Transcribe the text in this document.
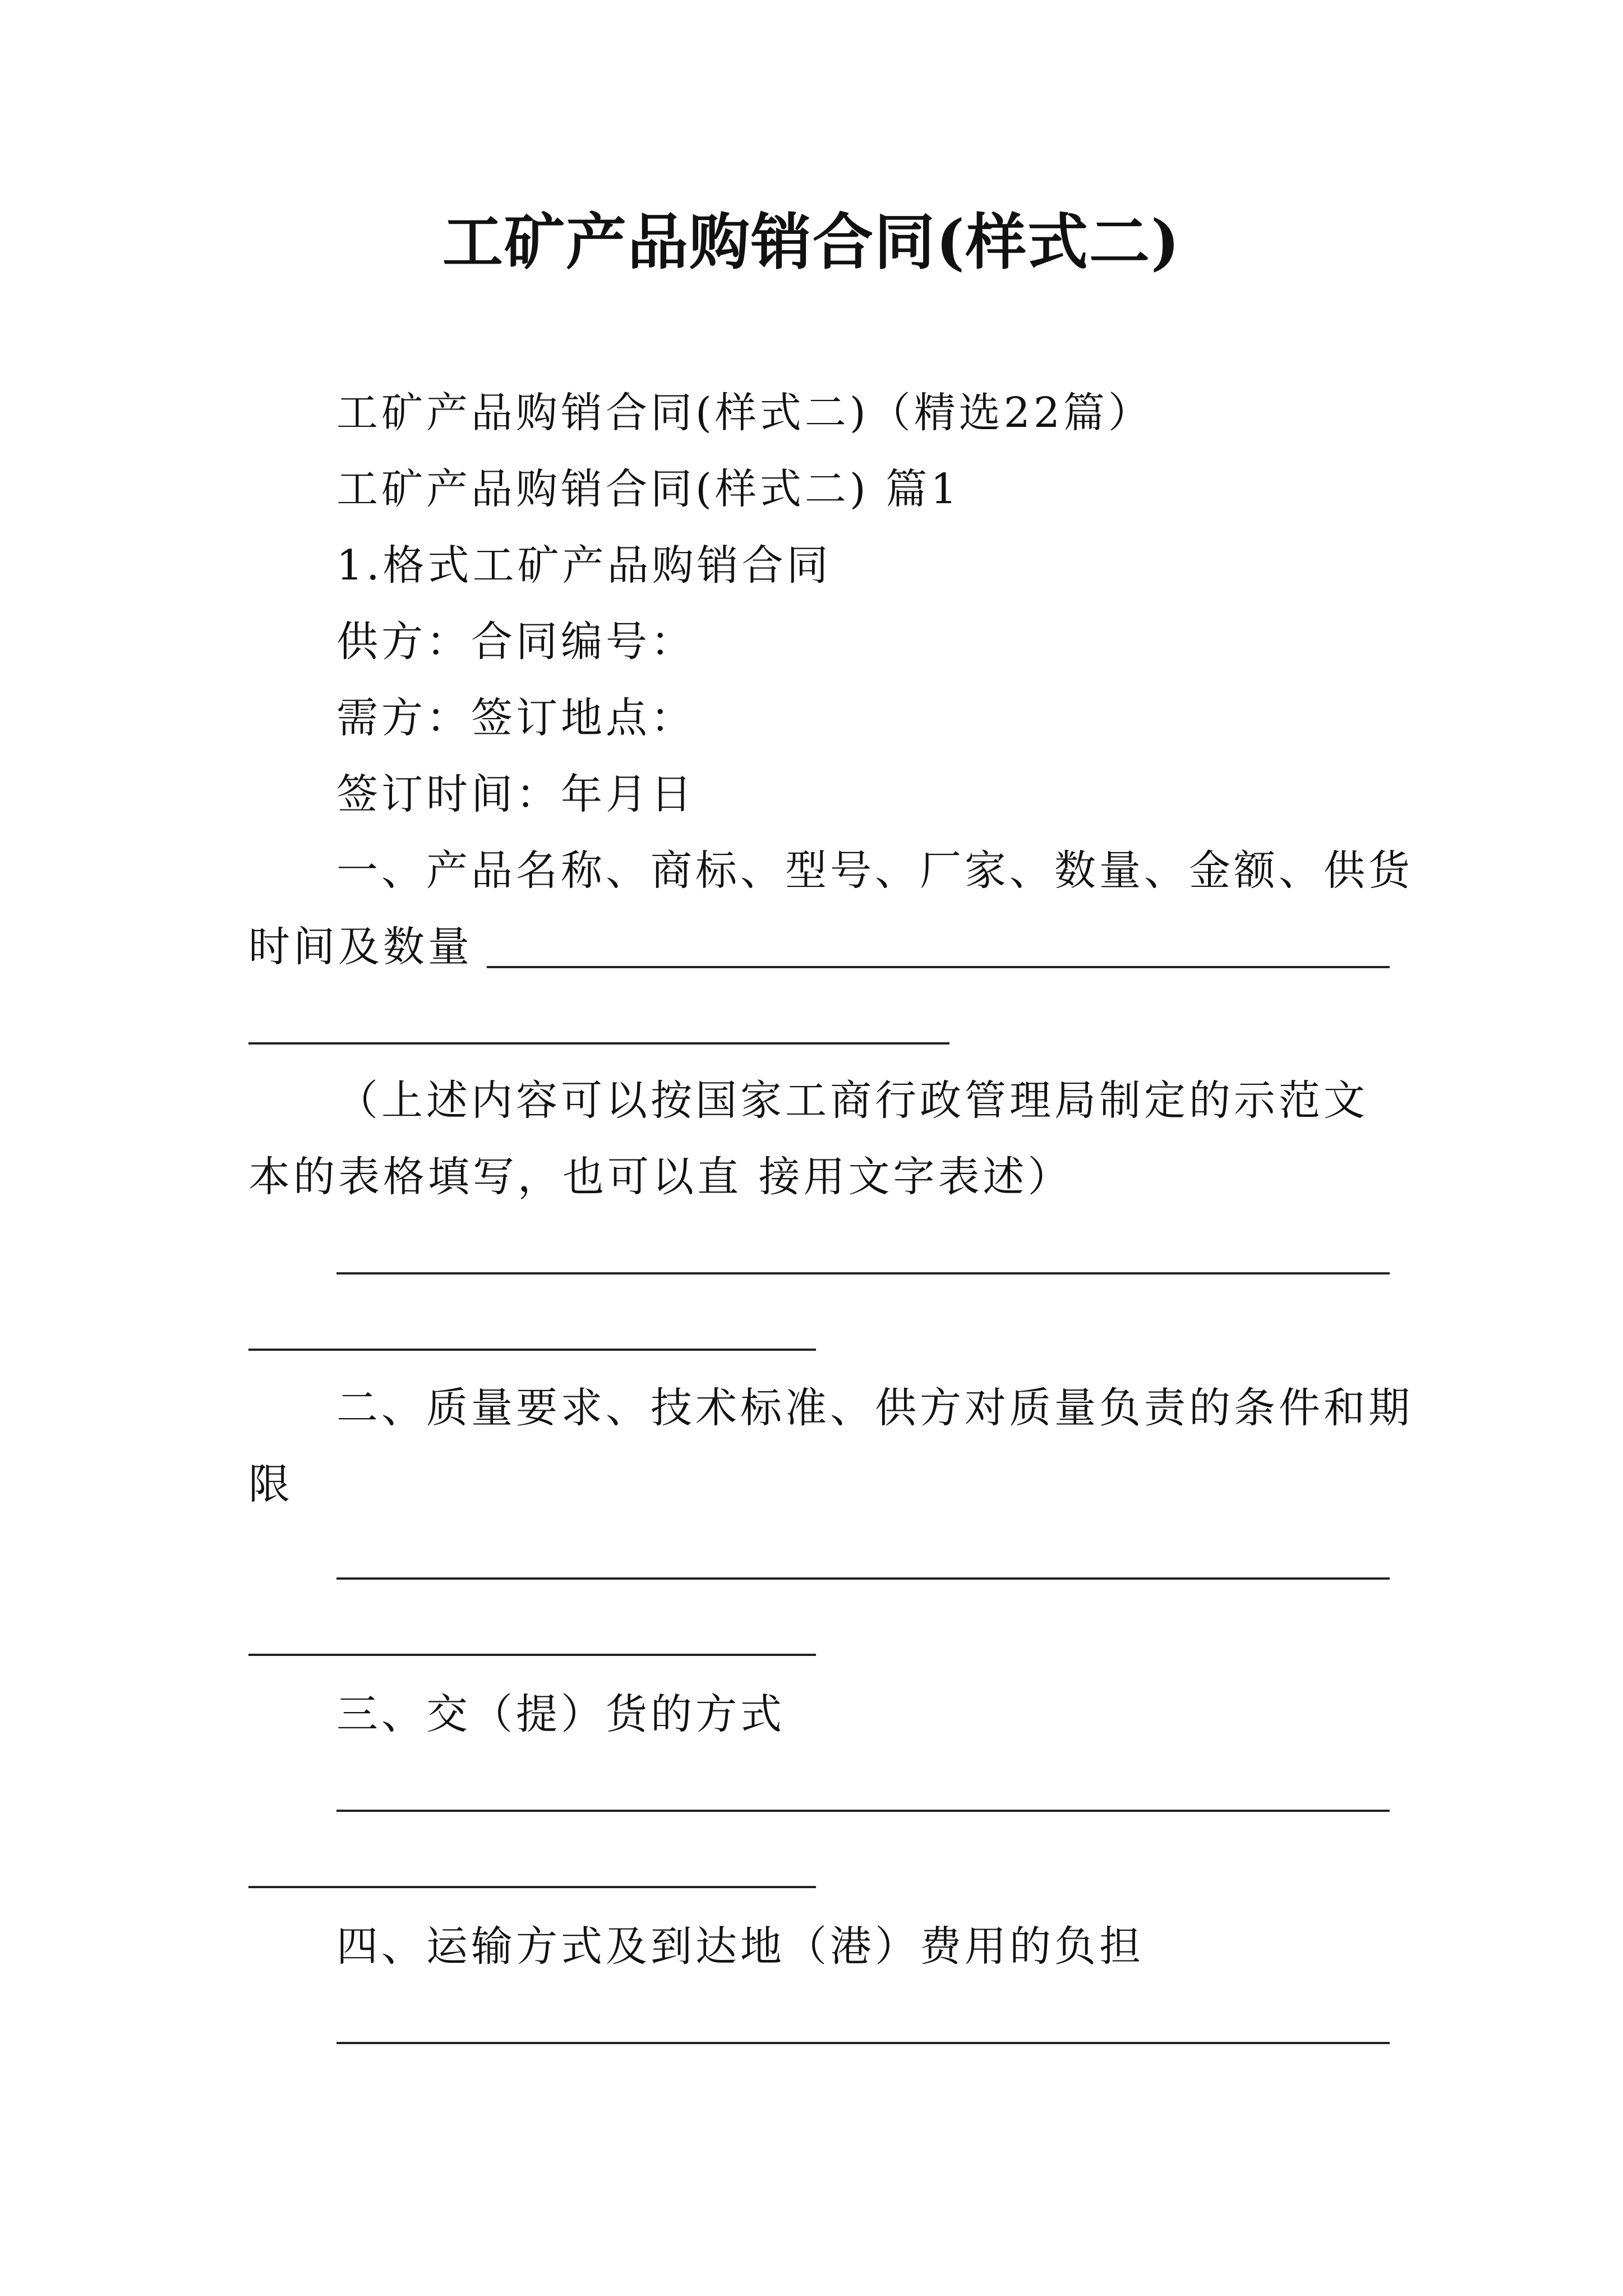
工矿产品购销合同(样式二)
工矿产品购销合同(样式二)（精选22篇）
工矿产品购销合同(样式二) 篇1
1.格式工矿产品购销合同
供方：合同编号：
需方：签订地点：
签订时间：年月日
一、产品名称、商标、型号、厂家、数量、金额、供货
时间及数量
（上述内容可以按国家工商行政管理局制定的示范文
本的表格填写，也可以直 接用文字表述）
二、质量要求、技术标准、供方对质量负责的条件和期
限
三、交（提）货的方式
四、运输方式及到达地（港）费用的负担
